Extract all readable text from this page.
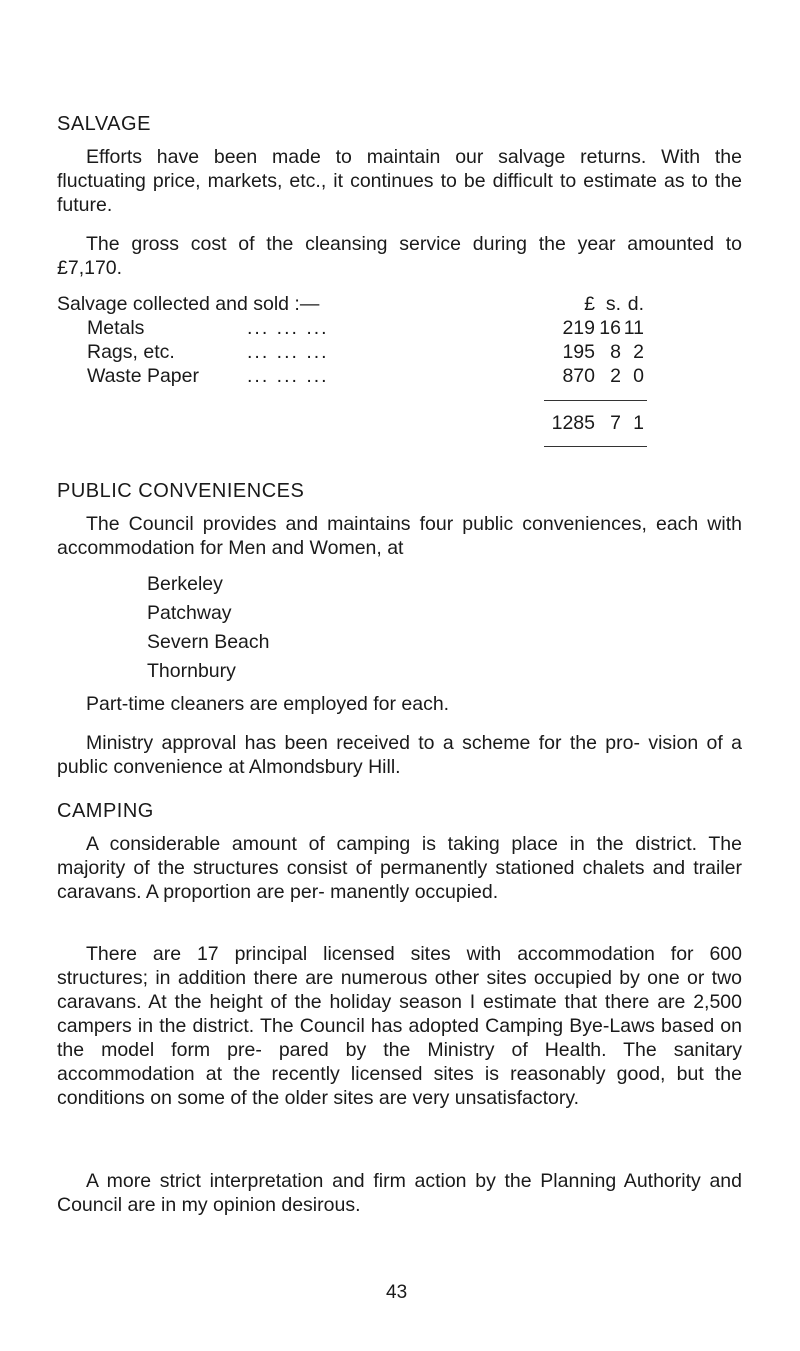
SALVAGE
Efforts have been made to maintain our salvage returns. With the fluctuating price, markets, etc., it continues to be difficult to estimate as to the future.
The gross cost of the cleansing service during the year amounted to £7,170.
Salvage collected and sold :—	£ s. d.
Metals	... ... ...	219 16 11
Rags, etc.	... ... ...	195 8 2
Waste Paper ... ... ...	870 2 0
1285 7 1
PUBLIC CONVENIENCES
The Council provides and maintains four public conveniences, each with accommodation for Men and Women, at
Berkeley
Patchway
Severn Beach
Thornbury
Part-time cleaners are employed for each.
Ministry approval has been received to a scheme for the pro- vision of a public convenience at Almondsbury Hill.
CAMPING
A considerable amount of camping is taking place in the district. The majority of the structures consist of permanently stationed chalets and trailer caravans. A proportion are per- manently occupied.
There are 17 principal licensed sites with accommodation for 600 structures; in addition there are numerous other sites occupied by one or two caravans. At the height of the holiday season I estimate that there are 2,500 campers in the district. The Council has adopted Camping Bye-Laws based on the model form pre- pared by the Ministry of Health. The sanitary accommodation at the recently licensed sites is reasonably good, but the conditions on some of the older sites are very unsatisfactory.
A more strict interpretation and firm action by the Planning Authority and Council are in my opinion desirous.
43
